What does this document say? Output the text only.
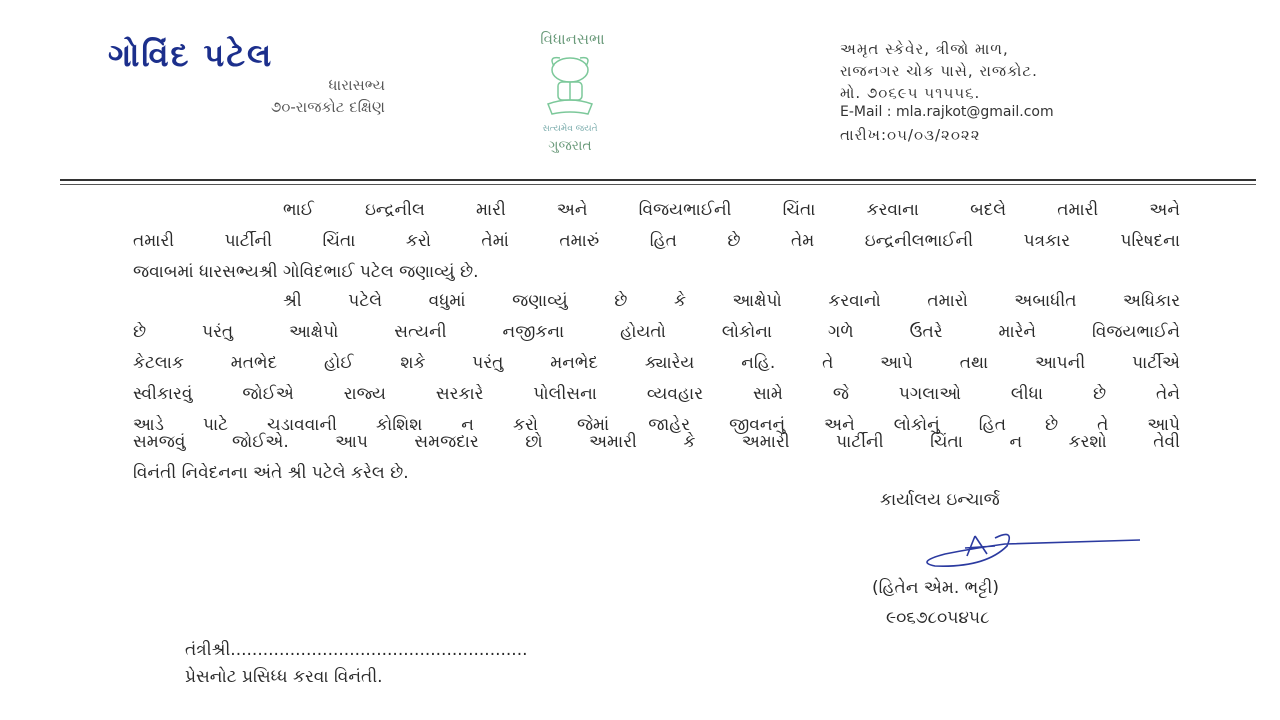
ગોવિંદ પટેલ
ધારાસભ્ય
૭૦-રાજકોટ દક્ષિણ
વિધાનસભા
સત્યમેવ જયતે
ગુજરાત
અમૃત સ્કેવેર, ત્રીજો માળ,
રાજનગર ચોક પાસે, રાજકોટ.
મો. ૭૦૬૯૫ ૫૧૫૫૬.
E-Mail : mla.rajkot@gmail.com
તારીખ:૦૫/૦૩/૨૦૨૨
ભાઈ ઇન્દ્રનીલ મારી અને વિજયભાઈની ચિંતા કરવાના બદલે તમારી અને
તમારી પાર્ટીની ચિંતા કરો તેમાં તમારું હિત છે તેમ ઇન્દ્રનીલભાઈની પત્રકાર પરિષદના
જવાબમાં ધારસભ્યશ્રી ગોવિદભાઈ પટેલ જણાવ્યું છે.
શ્રી પટેલે વધુમાં જણાવ્યું છે કે આક્ષેપો કરવાનો તમારો અબાધીત અધિકાર
છે પરંતુ આક્ષેપો સત્યની નજીકના હોયતો લોકોના ગળે ઉતરે મારેને વિજયભાઈને
કેટલાક મતભેદ હોઈ શકે પરંતુ મનભેદ ક્યારેય નહિ. તે આપે તથા આપની પાર્ટીએ
સ્વીકારવું જોઈએ રાજ્ય સરકારે પોલીસના વ્યવહાર સામે જે પગલાઓ લીધા છે તેને
આડે પાટે ચડાવવાની કોશિશ ન કરો જેમાં જાહેર જીવનનું અને લોકોનું હિત છે તે આપે
સમજવું જોઈએ. આપ સમજદાર છો અમારી કે અમારી પાર્ટીની ચિંતા ન કરશો તેવી
વિનંતી નિવેદનના અંતે શ્રી પટેલે કરેલ છે.
કાર્યાલય ઇન્ચાર્જ
(હિતેન એમ. ભટ્ટી)
૯૦૬૭૮૦૫૪૫૮
તંત્રીશ્રી.......................................................
પ્રેસનોટ પ્રસિધ્ધ કરવા વિનંતી.
